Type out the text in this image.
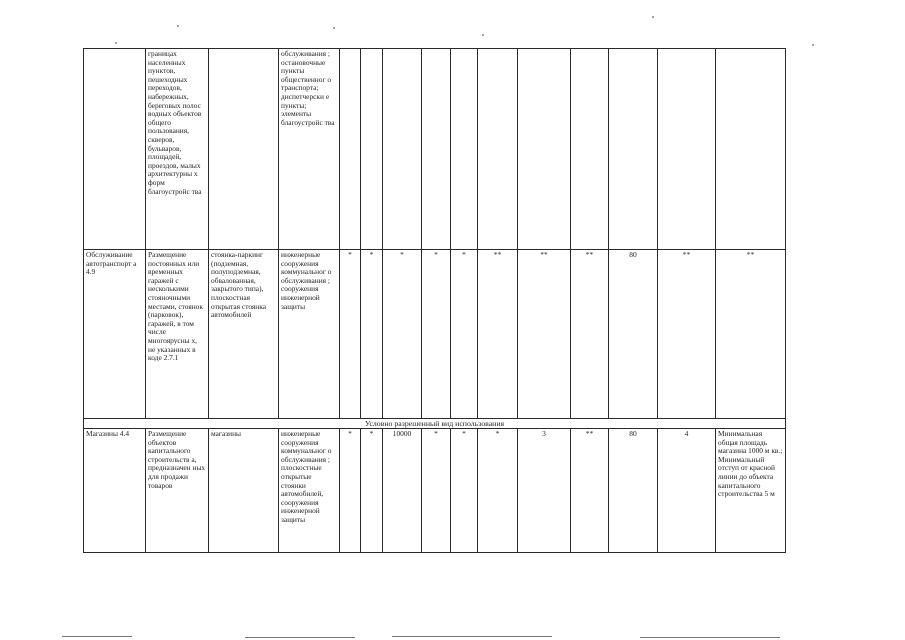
	границах населенных пунктов, пешеходных переходов, набережных, береговых полос водных объектов общего пользования, скверов, бульваров, площадей, проездов, малых архитектурны х форм благоустройс тва		обслуживания ; остановочные пункты общественног о транспорта; диспетчерски е пункты; элементы благоустройс тва											
Обслуживание автотранспорт а 4.9	Размещение постоянных или временных гаражей с несколькими стояночными местами, стоянок (парковок), гаражей, в том числе многоярусны х, не указанных в коде 2.7.1	стоянка-паркинг (подземная, полуподземная, обвалованная, закрытого типа), плоскостная открытая стоянка автомобилей	инженерные сооружения коммунальног о обслуживания ; сооружения инженерной защиты	*	*	*	*	*	**	**	**	80	**	**
Условно разрешенный вид использования														
Магазины 4.4	Размещение объектов капитального строительств а, предназначен ных для продажи товаров	магазины	инженерные сооружения коммунальног о обслуживания ; плоскостные открытые стоянки автомобилей, сооружения инженерной защиты	*	*	10000	*	*	*	3	**	80	4	Минимальная общая площадь магазина 1000 м кв.; Минимальный отступ от красной линии до объекта капитального строительства 5 м
